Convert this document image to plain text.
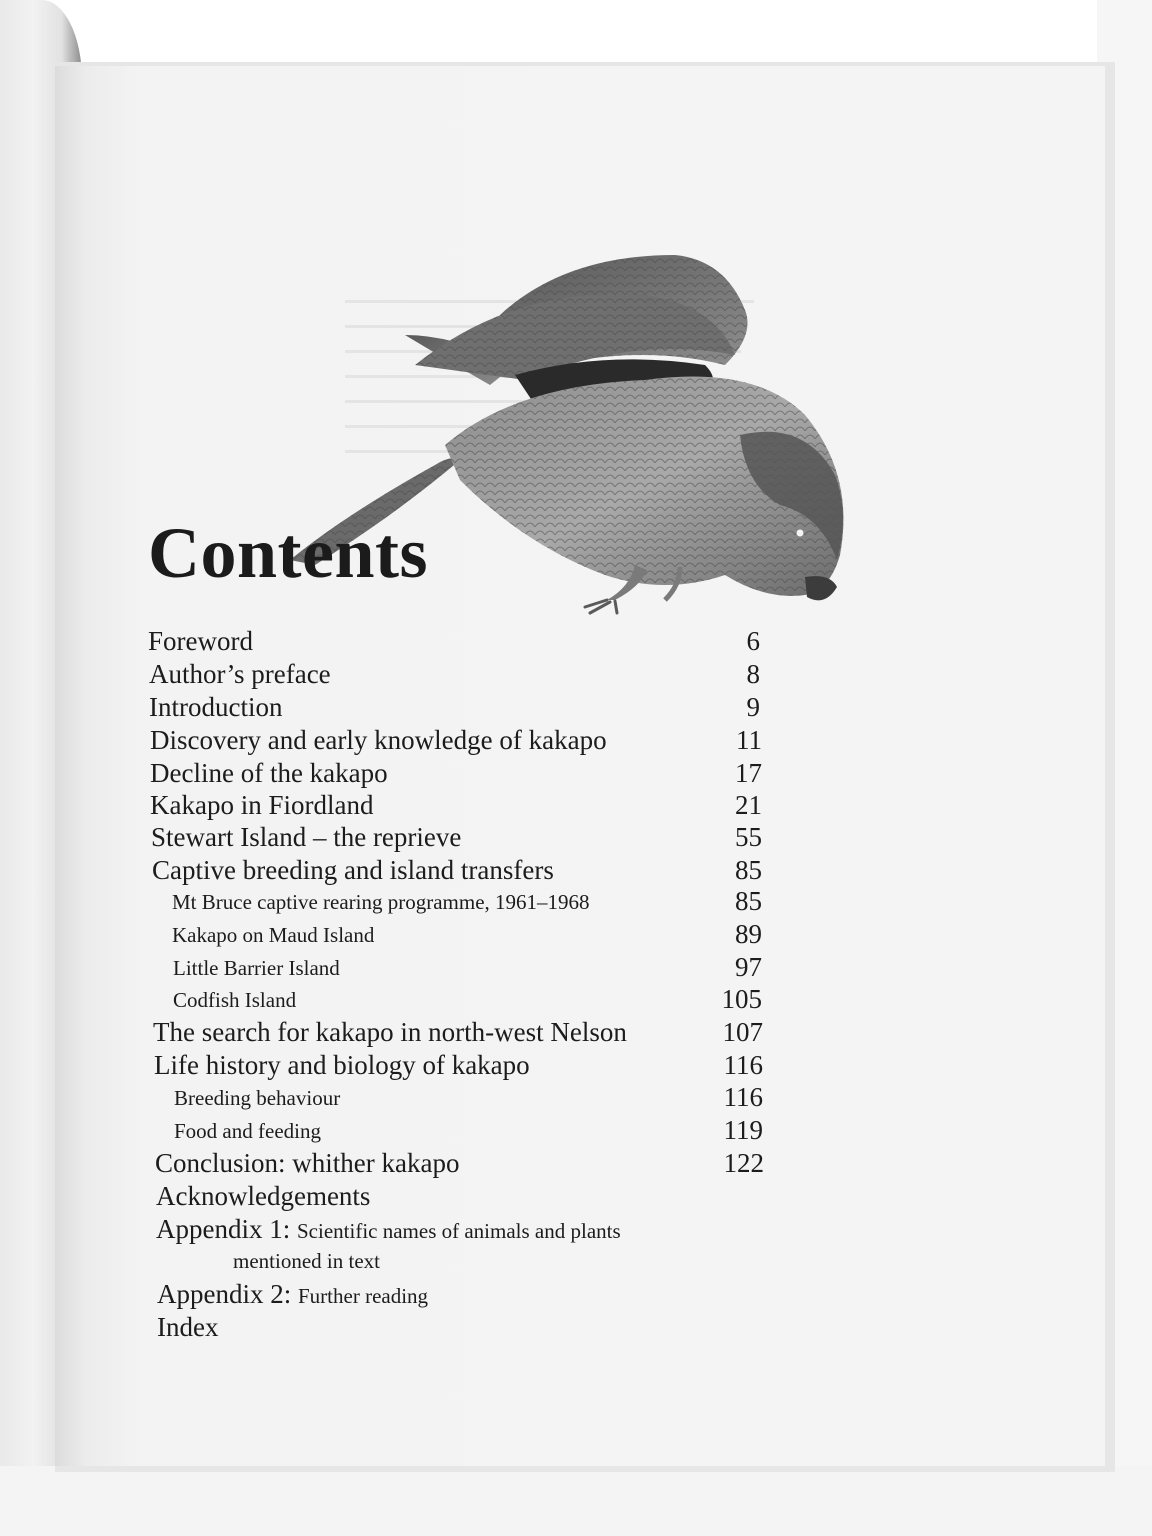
Contents
Foreword	6
Author’s preface	8
Introduction	9
Discovery and early knowledge of kakapo	11
Decline of the kakapo	17
Kakapo in Fiordland	21
Stewart Island – the reprieve	55
Captive breeding and island transfers	85
Mt Bruce captive rearing programme, 1961–1968	85
Kakapo on Maud Island	89
Little Barrier Island	97
Codfish Island	105
The search for kakapo in north-west Nelson	107
Life history and biology of kakapo	116
Breeding behaviour	116
Food and feeding	119
Conclusion: whither kakapo	122
Acknowledgements
Appendix 1: Scientific names of animals and plants
mentioned in text
Appendix 2: Further reading
Index
